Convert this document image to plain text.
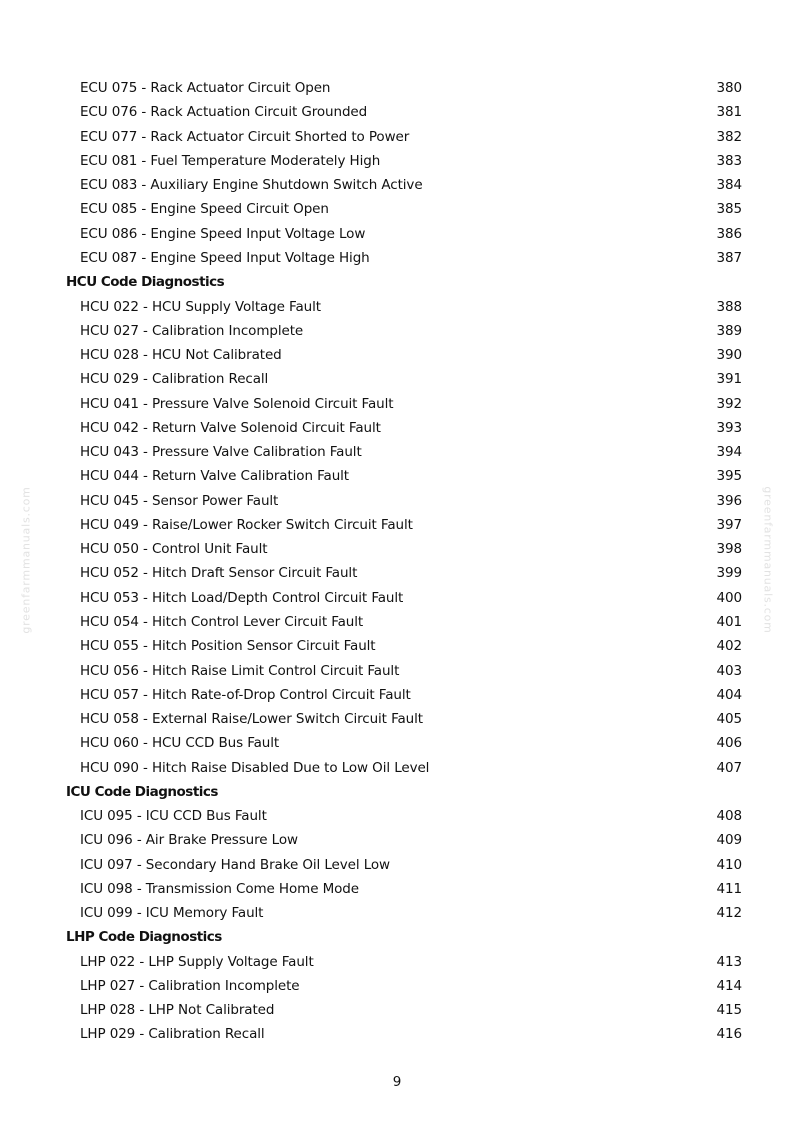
ECU 075 - Rack Actuator Circuit Open	380
ECU 076 - Rack Actuation Circuit Grounded	381
ECU 077 - Rack Actuator Circuit Shorted to Power	382
ECU 081 - Fuel Temperature Moderately High	383
ECU 083 - Auxiliary Engine Shutdown Switch Active	384
ECU 085 - Engine Speed Circuit Open	385
ECU 086 - Engine Speed Input Voltage Low	386
ECU 087 - Engine Speed Input Voltage High	387
HCU Code Diagnostics
HCU 022 - HCU Supply Voltage Fault	388
HCU 027 - Calibration Incomplete	389
HCU 028 - HCU Not Calibrated	390
HCU 029 - Calibration Recall	391
HCU 041 - Pressure Valve Solenoid Circuit Fault	392
HCU 042 - Return Valve Solenoid Circuit Fault	393
HCU 043 - Pressure Valve Calibration Fault	394
HCU 044 - Return Valve Calibration Fault	395
HCU 045 - Sensor Power Fault	396
HCU 049 - Raise/Lower Rocker Switch Circuit Fault	397
HCU 050 - Control Unit Fault	398
HCU 052 - Hitch Draft Sensor Circuit Fault	399
HCU 053 - Hitch Load/Depth Control Circuit Fault	400
HCU 054 - Hitch Control Lever Circuit Fault	401
HCU 055 - Hitch Position Sensor Circuit Fault	402
HCU 056 - Hitch Raise Limit Control Circuit Fault	403
HCU 057 - Hitch Rate-of-Drop Control Circuit Fault	404
HCU 058 - External Raise/Lower Switch Circuit Fault	405
HCU 060 - HCU CCD Bus Fault	406
HCU 090 - Hitch Raise Disabled Due to Low Oil Level	407
ICU Code Diagnostics
ICU 095 - ICU CCD Bus Fault	408
ICU 096 - Air Brake Pressure Low	409
ICU 097 - Secondary Hand Brake Oil Level Low	410
ICU 098 - Transmission Come Home Mode	411
ICU 099 - ICU Memory Fault	412
LHP Code Diagnostics
LHP 022 - LHP Supply Voltage Fault	413
LHP 027 - Calibration Incomplete	414
LHP 028 - LHP Not Calibrated	415
LHP 029 - Calibration Recall	416
9
greenfarmmanuals.com	greenfarmmanuals.com
